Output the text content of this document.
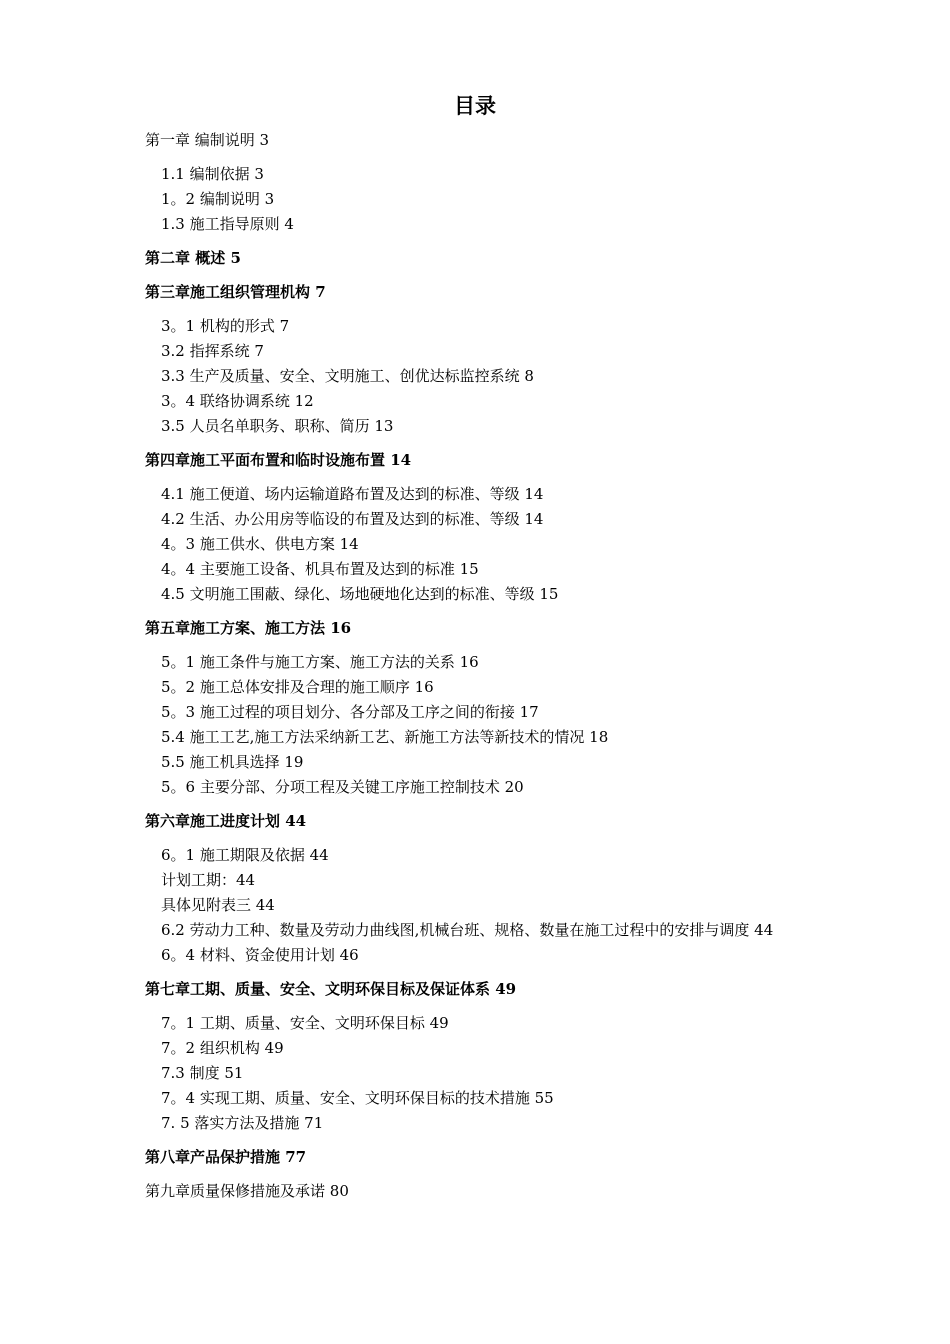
目录
第一章 编制说明 3
1.1 编制依据 3
1。2 编制说明 3
1.3 施工指导原则 4
第二章 概述 5
第三章施工组织管理机构 7
3。1 机构的形式 7
3.2 指挥系统 7
3.3 生产及质量、安全、文明施工、创优达标监控系统 8
3。4 联络协调系统 12
3.5 人员名单职务、职称、简历 13
第四章施工平面布置和临时设施布置 14
4.1 施工便道、场内运输道路布置及达到的标准、等级 14
4.2 生活、办公用房等临设的布置及达到的标准、等级 14
4。3 施工供水、供电方案 14
4。4 主要施工设备、机具布置及达到的标准 15
4.5 文明施工围蔽、绿化、场地硬地化达到的标准、等级 15
第五章施工方案、施工方法 16
5。1 施工条件与施工方案、施工方法的关系 16
5。2 施工总体安排及合理的施工顺序 16
5。3 施工过程的项目划分、各分部及工序之间的衔接 17
5.4 施工工艺,施工方法采纳新工艺、新施工方法等新技术的情况 18
5.5 施工机具选择 19
5。6 主要分部、分项工程及关键工序施工控制技术 20
第六章施工进度计划 44
6。1 施工期限及依据 44
计划工期：44
具体见附表三 44
6.2 劳动力工种、数量及劳动力曲线图,机械台班、规格、数量在施工过程中的安排与调度 44
6。4 材料、资金使用计划 46
第七章工期、质量、安全、文明环保目标及保证体系 49
7。1 工期、质量、安全、文明环保目标 49
7。2 组织机构 49
7.3 制度 51
7。4 实现工期、质量、安全、文明环保目标的技术措施 55
7. 5 落实方法及措施 71
第八章产品保护措施 77
第九章质量保修措施及承诺 80
